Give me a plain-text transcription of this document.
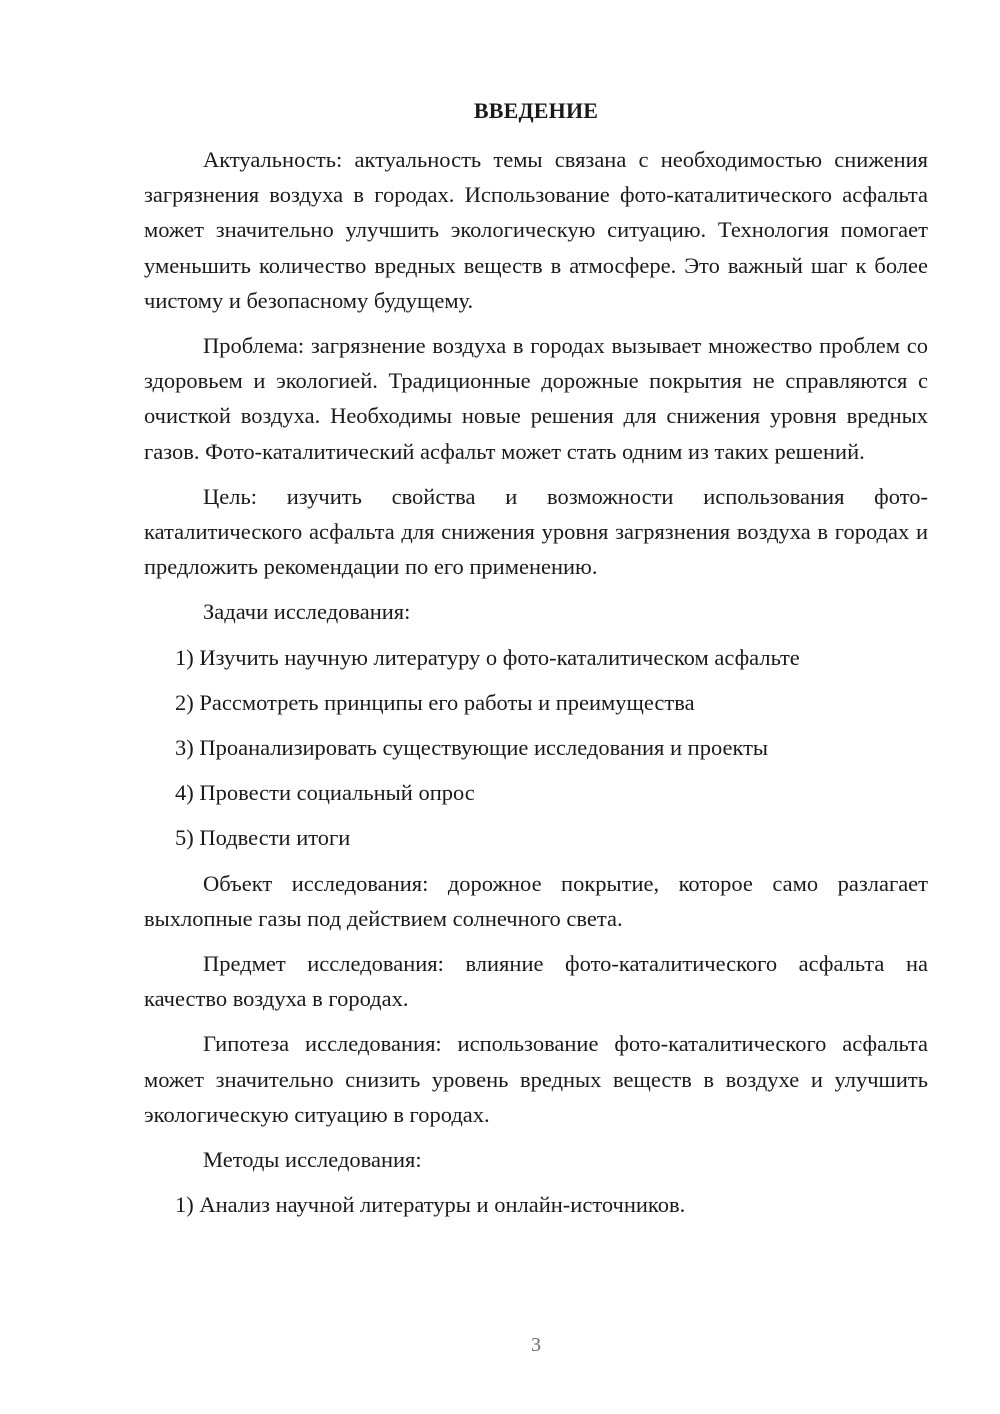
ВВЕДЕНИЕ

Актуальность: актуальность темы связана с необходимостью снижения загрязнения воздуха в городах. Использование фото-каталитического асфальта может значительно улучшить экологическую ситуацию. Технология помогает уменьшить количество вредных веществ в атмосфере. Это важный шаг к более чистому и безопасному будущему.

Проблема: загрязнение воздуха в городах вызывает множество проблем со здоровьем и экологией. Традиционные дорожные покрытия не справляются с очисткой воздуха. Необходимы новые решения для снижения уровня вредных газов. Фото-каталитический асфальт может стать одним из таких решений.

Цель: изучить свойства и возможности использования фото-каталитического асфальта для снижения уровня загрязнения воздуха в городах и предложить рекомендации по его применению.

Задачи исследования:

1) Изучить научную литературу о фото-каталитическом асфальте

2) Рассмотреть принципы его работы и преимущества

3) Проанализировать существующие исследования и проекты

4) Провести социальный опрос

5) Подвести итоги

Объект исследования: дорожное покрытие, которое само разлагает выхлопные газы под действием солнечного света.

Предмет исследования: влияние фото-каталитического асфальта на качество воздуха в городах.

Гипотеза исследования: использование фото-каталитического асфальта может значительно снизить уровень вредных веществ в воздухе и улучшить экологическую ситуацию в городах.

Методы исследования:

1) Анализ научной литературы и онлайн-источников.

3
